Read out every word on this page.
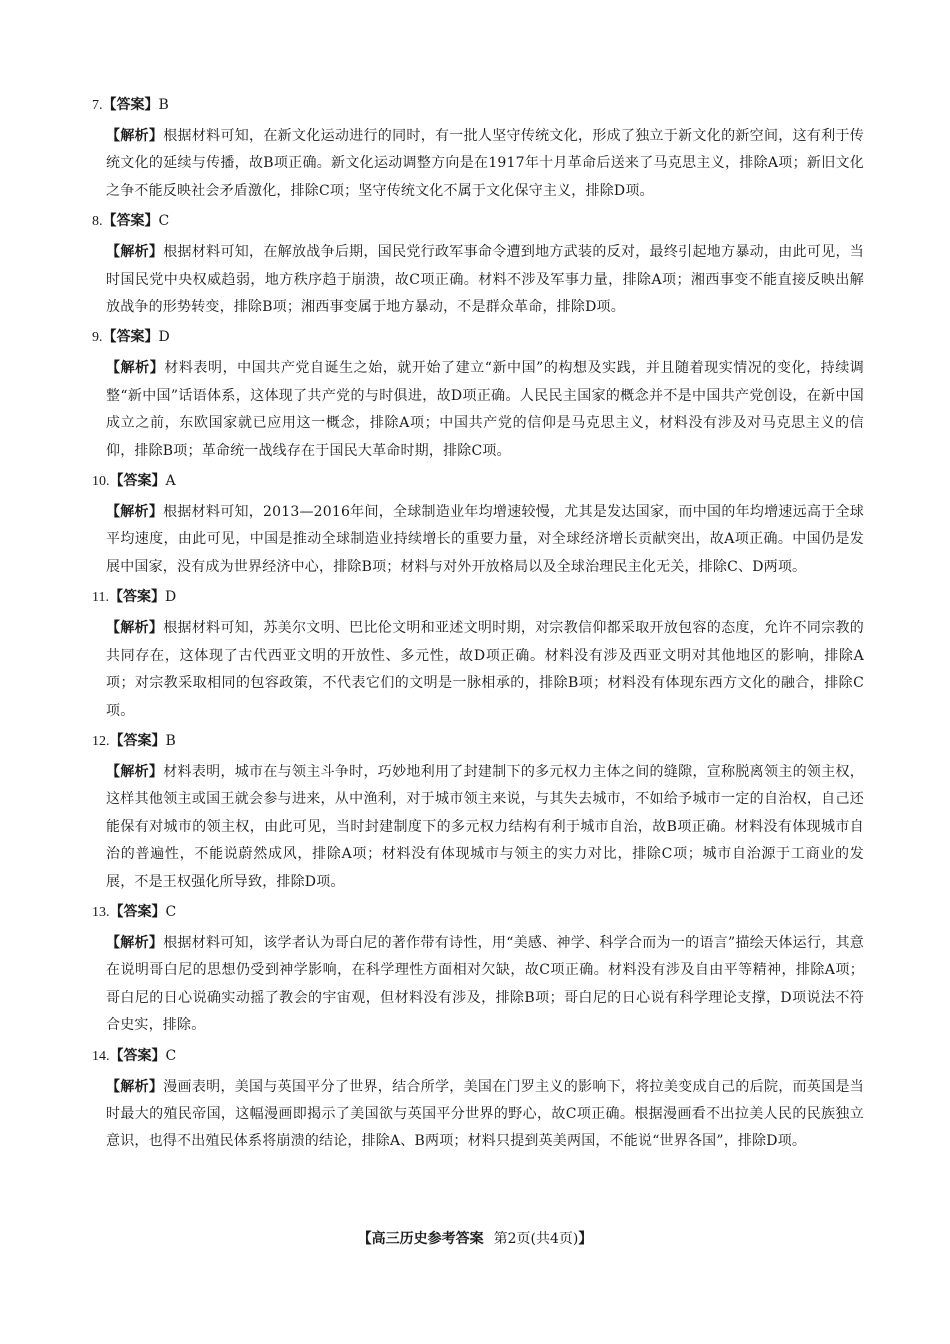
7.【答案】B
【解析】根据材料可知，在新文化运动进行的同时，有一批人坚守传统文化，形成了独立于新文化的新空间，这有利于传统文化的延续与传播，故B项正确。新文化运动调整方向是在1917年十月革命后送来了马克思主义，排除A项；新旧文化之争不能反映社会矛盾激化，排除C项；坚守传统文化不属于文化保守主义，排除D项。
8.【答案】C
【解析】根据材料可知，在解放战争后期，国民党行政军事命令遭到地方武装的反对，最终引起地方暴动，由此可见，当时国民党中央权威趋弱，地方秩序趋于崩溃，故C项正确。材料不涉及军事力量，排除A项；湘西事变不能直接反映出解放战争的形势转变，排除B项；湘西事变属于地方暴动，不是群众革命，排除D项。
9.【答案】D
【解析】材料表明，中国共产党自诞生之始，就开始了建立“新中国”的构想及实践，并且随着现实情况的变化，持续调整“新中国”话语体系，这体现了共产党的与时俱进，故D项正确。人民民主国家的概念并不是中国共产党创设，在新中国成立之前，东欧国家就已应用这一概念，排除A项；中国共产党的信仰是马克思主义，材料没有涉及对马克思主义的信仰，排除B项；革命统一战线存在于国民大革命时期，排除C项。
10.【答案】A
【解析】根据材料可知，2013—2016年间，全球制造业年均增速较慢，尤其是发达国家，而中国的年均增速远高于全球平均速度，由此可见，中国是推动全球制造业持续增长的重要力量，对全球经济增长贡献突出，故A项正确。中国仍是发展中国家，没有成为世界经济中心，排除B项；材料与对外开放格局以及全球治理民主化无关，排除C、D两项。
11.【答案】D
【解析】根据材料可知，苏美尔文明、巴比伦文明和亚述文明时期，对宗教信仰都采取开放包容的态度，允许不同宗教的共同存在，这体现了古代西亚文明的开放性、多元性，故D项正确。材料没有涉及西亚文明对其他地区的影响，排除A项；对宗教采取相同的包容政策，不代表它们的文明是一脉相承的，排除B项；材料没有体现东西方文化的融合，排除C项。
12.【答案】B
【解析】材料表明，城市在与领主斗争时，巧妙地利用了封建制下的多元权力主体之间的缝隙，宣称脱离领主的领主权，这样其他领主或国王就会参与进来，从中渔利，对于城市领主来说，与其失去城市，不如给予城市一定的自治权，自己还能保有对城市的领主权，由此可见，当时封建制度下的多元权力结构有利于城市自治，故B项正确。材料没有体现城市自治的普遍性，不能说蔚然成风，排除A项；材料没有体现城市与领主的实力对比，排除C项；城市自治源于工商业的发展，不是王权强化所导致，排除D项。
13.【答案】C
【解析】根据材料可知，该学者认为哥白尼的著作带有诗性，用“美感、神学、科学合而为一的语言”描绘天体运行，其意在说明哥白尼的思想仍受到神学影响，在科学理性方面相对欠缺，故C项正确。材料没有涉及自由平等精神，排除A项；哥白尼的日心说确实动摇了教会的宇宙观，但材料没有涉及，排除B项；哥白尼的日心说有科学理论支撑，D项说法不符合史实，排除。
14.【答案】C
【解析】漫画表明，美国与英国平分了世界，结合所学，美国在门罗主义的影响下，将拉美变成自己的后院，而英国是当时最大的殖民帝国，这幅漫画即揭示了美国欲与英国平分世界的野心，故C项正确。根据漫画看不出拉美人民的民族独立意识，也得不出殖民体系将崩溃的结论，排除A、B两项；材料只提到英美两国，不能说“世界各国”，排除D项。
【高三历史参考答案 第2页(共4页)】
